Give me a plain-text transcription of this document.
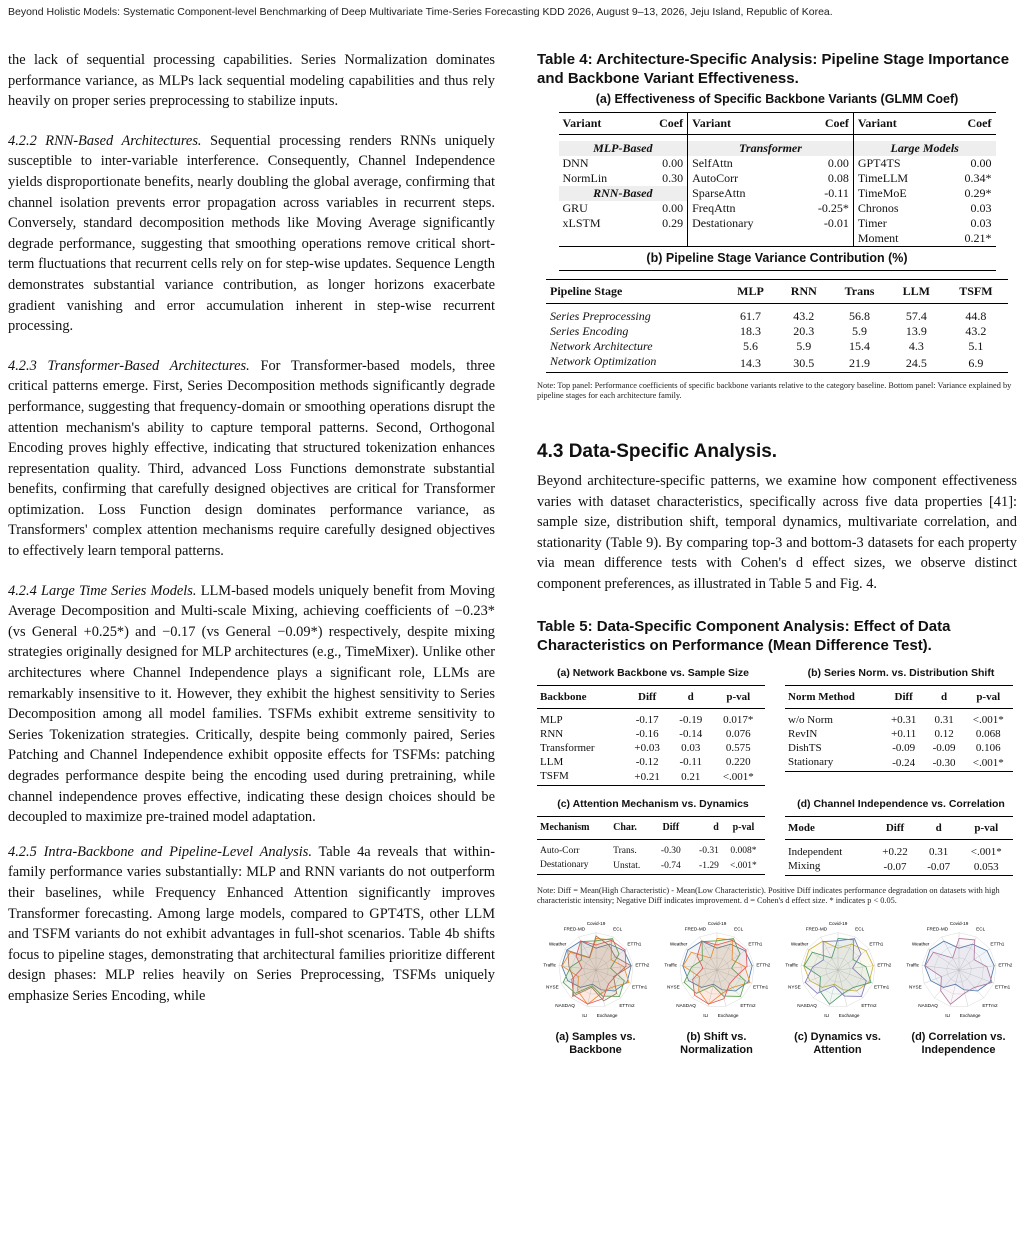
Beyond Holistic Models: Systematic Component-level Benchmarking of Deep Multivariate Time-Series Forecasting KDD 2026, August 9–13, 2026, Jeju Island, Republic of Korea.

the lack of sequential processing capabilities. Series Normalization dominates performance variance, as MLPs lack sequential modeling capabilities and thus rely heavily on proper series preprocessing to stabilize inputs.

4.2.2 RNN-Based Architectures. Sequential processing renders RNNs uniquely susceptible to inter-variable interference. Consequently, Channel Independence yields disproportionate benefits, nearly doubling the global average, confirming that channel isolation prevents error propagation across variables in recurrent steps. Conversely, standard decomposition methods like Moving Average significantly degrade performance, suggesting that smoothing operations remove critical short-term fluctuations that recurrent cells rely on for step-wise updates. Sequence Length demonstrates substantial variance contribution, as longer horizons exacerbate gradient vanishing and error accumulation inherent in step-wise recurrent processing.

4.2.3 Transformer-Based Architectures. For Transformer-based models, three critical patterns emerge. First, Series Decomposition methods significantly degrade performance, suggesting that frequency-domain or smoothing operations disrupt the attention mechanism's ability to capture temporal patterns. Second, Orthogonal Encoding proves highly effective, indicating that structured tokenization enhances representation quality. Third, advanced Loss Functions demonstrate substantial benefits, confirming that carefully designed objectives are critical for Transformer optimization. Loss Function design dominates performance variance, as Transformers' complex attention mechanisms require carefully designed objectives to effectively learn temporal patterns.

4.2.4 Large Time Series Models. LLM-based models uniquely benefit from Moving Average Decomposition and Multi-scale Mixing, achieving coefficients of −0.23* (vs General +0.25*) and −0.17 (vs General −0.09*) respectively, despite mixing strategies originally designed for MLP architectures (e.g., TimeMixer). Unlike other architectures where Channel Independence plays a significant role, LLMs are remarkably insensitive to it. However, they exhibit the highest sensitivity to Series Decomposition among all model families. TSFMs exhibit extreme sensitivity to Series Tokenization strategies. Critically, despite being commonly paired, Series Patching and Channel Independence exhibit opposite effects for TSFMs: patching degrades performance despite being the encoding used during pretraining, while channel independence proves effective, indicating these design choices should be decoupled to maximize pre-trained model adaptation.

4.2.5 Intra-Backbone and Pipeline-Level Analysis. Table 4a reveals that within-family performance varies substantially: MLP and RNN variants do not outperform their baselines, while Frequency Enhanced Attention significantly improves Transformer forecasting. Among large models, compared to GPT4TS, other LLM and TSFM variants do not exhibit advantages in full-shot scenarios. Table 4b shifts focus to pipeline stages, demonstrating that architectural families prioritize different design phases: MLP relies heavily on Series Preprocessing, TSFMs uniquely emphasize Series Encoding, while

Table 4: Architecture-Specific Analysis: Pipeline Stage Importance and Backbone Variant Effectiveness.

(a) Effectiveness of Specific Backbone Variants (GLMM Coef)
Variant	Coef	Variant	Coef	Variant	Coef

MLP-Based		Transformer		Large Models	
DNN	0.00	SelfAttn	0.00	GPT4TS	0.00
NormLin	0.30	AutoCorr	0.08	TimeLLM	0.34*
RNN-Based		SparseAttn	-0.11	TimeMoE	0.29*
GRU	0.00	FreqAttn	-0.25*	Chronos	0.03
xLSTM	0.29	Destationary	-0.01	Timer	0.03
				Moment	0.21*
(b) Pipeline Stage Variance Contribution (%)					
Pipeline Stage	MLP	RNN	Trans	LLM	TSFM

Series Preprocessing	61.7	43.2	56.8	57.4	44.8
Series Encoding	18.3	20.3	5.9	13.9	43.2
Network Architecture	5.6	5.9	15.4	4.3	5.1
Network Optimization	14.3	30.5	21.9	24.5	6.9

Note: Top panel: Performance coefficients of specific backbone variants relative to the category baseline. Bottom panel: Variance explained by pipeline stages for each architecture family.

4.3 Data-Specific Analysis.

Beyond architecture-specific patterns, we examine how component effectiveness varies with dataset characteristics, specifically across five data properties [41]: sample size, distribution shift, temporal dynamics, multivariate correlation, and stationarity (Table 9). By comparing top-3 and bottom-3 datasets for each property via mean difference tests with Cohen's d effect sizes, we observe distinct component preferences, as illustrated in Table 5 and Fig. 4.

Table 5: Data-Specific Component Analysis: Effect of Data Characteristics on Performance (Mean Difference Test).

(a) Network Backbone vs. Sample Size
Backbone	Diff	d	p-val

MLP	-0.17	-0.19	0.017*
RNN	-0.16	-0.14	0.076
Transformer	+0.03	0.03	0.575
LLM	-0.12	-0.11	0.220
TSFM	+0.21	0.21	<.001*
(b) Series Norm. vs. Distribution Shift
Norm Method	Diff	d	p-val

w/o Norm	+0.31	0.31	<.001*
RevIN	+0.11	0.12	0.068
DishTS	-0.09	-0.09	0.106
Stationary	-0.24	-0.30	<.001*
(c) Attention Mechanism vs. Dynamics
Mechanism	Char.	Diff	d	p-val

Auto-Corr	Trans.	-0.30	-0.31	0.008*
Destationary	Unstat.	-0.74	-1.29	<.001*
(d) Channel Independence vs. Correlation
Mode	Diff	d	p-val

Independent	+0.22	0.31	<.001*
Mixing	-0.07	-0.07	0.053

Note: Diff = Mean(High Characteristic) - Mean(Low Characteristic). Positive Diff indicates performance degradation on datasets with high characteristic intensity; Negative Diff indicates improvement. d = Cohen's d effect size. * indicates p < 0.05.

Covid-19
ECL
ETTh1
ETTh2
ETTm1
ETTm2
Exchange
ILI
NASDAQ
NYSE
Traffic
Weather
FRED-MD
(a) Samples vs.
Backbone
Covid-19
ECL
ETTh1
ETTh2
ETTm1
ETTm2
Exchange
ILI
NASDAQ
NYSE
Traffic
Weather
FRED-MD
(b) Shift vs.
Normalization
Covid-19
ECL
ETTh1
ETTh2
ETTm1
ETTm2
Exchange
ILI
NASDAQ
NYSE
Traffic
Weather
FRED-MD
(c) Dynamics vs.
Attention
Covid-19
ECL
ETTh1
ETTh2
ETTm1
ETTm2
Exchange
ILI
NASDAQ
NYSE
Traffic
Weather
FRED-MD
(d) Correlation vs.
Independence
